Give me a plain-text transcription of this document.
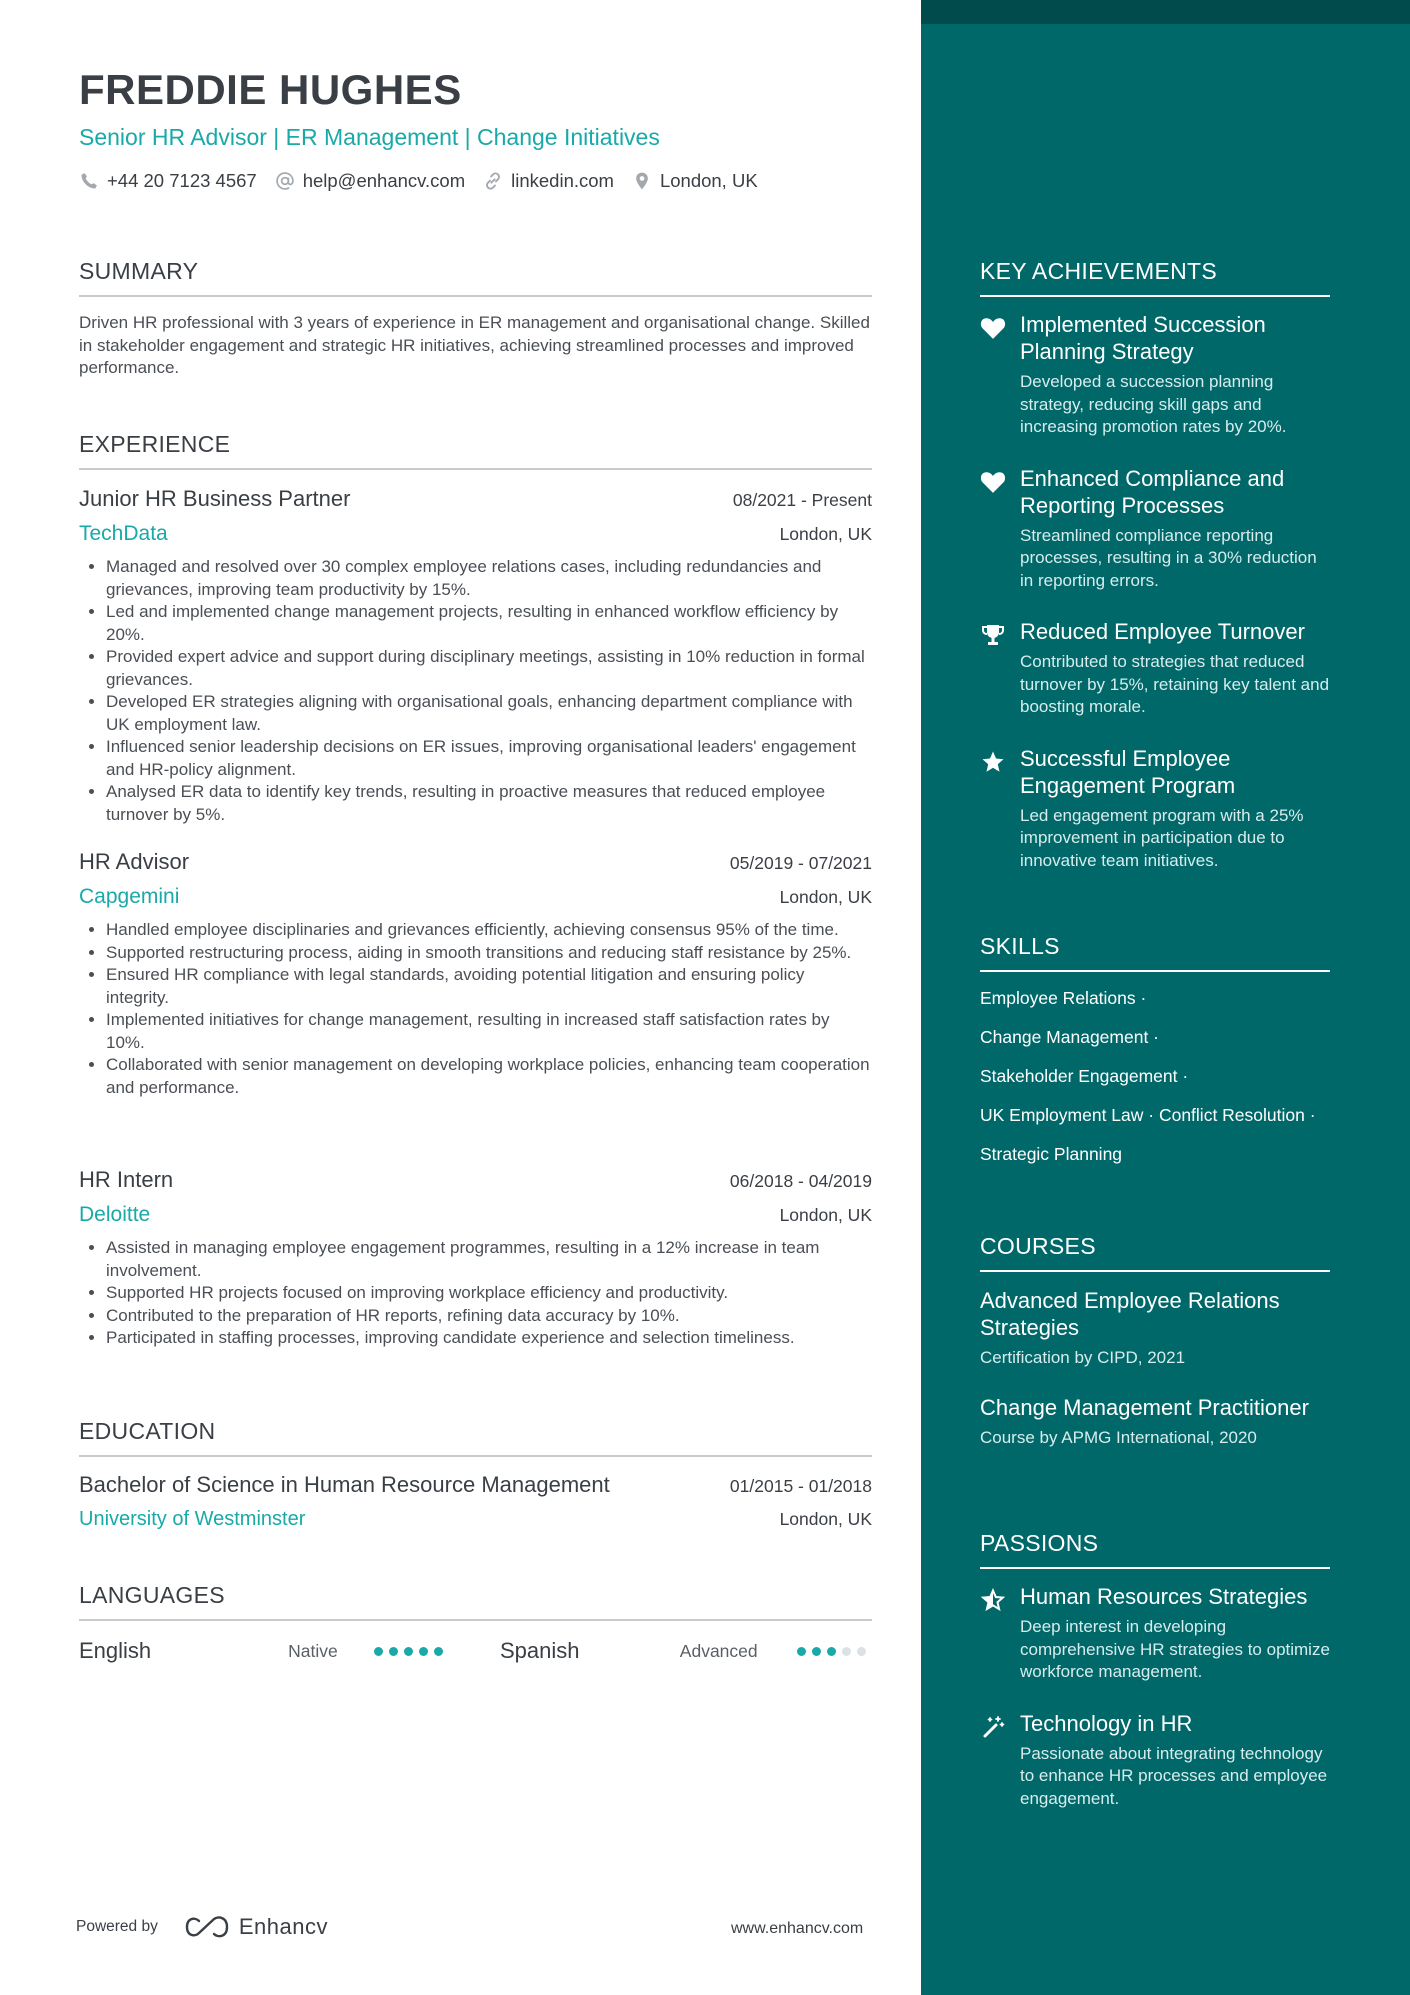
KEY ACHIEVEMENTS
Implemented Succession Planning Strategy
Developed a succession planning strategy, reducing skill gaps and increasing promotion rates by 20%.
Enhanced Compliance and Reporting Processes
Streamlined compliance reporting processes, resulting in a 30% reduction in reporting errors.
Reduced Employee Turnover
Contributed to strategies that reduced turnover by 15%, retaining key talent and boosting morale.
Successful Employee Engagement Program
Led engagement program with a 25% improvement in participation due to innovative team initiatives.
SKILLS
Employee Relations ·
Change Management ·
Stakeholder Engagement ·
UK Employment Law · Conflict Resolution ·
Strategic Planning
COURSES
Advanced Employee Relations Strategies
Certification by CIPD, 2021
Change Management Practitioner
Course by APMG International, 2020
PASSIONS
Human Resources Strategies
Deep interest in developing comprehensive HR strategies to optimize workforce management.
Technology in HR
Passionate about integrating technology to enhance HR processes and employee engagement.
FREDDIE HUGHES
Senior HR Advisor | ER Management | Change Initiatives
+44 20 7123 4567 help@enhancv.com linkedin.com London, UK
SUMMARY
Driven HR professional with 3 years of experience in ER management and organisational change. Skilled in stakeholder engagement and strategic HR initiatives, achieving streamlined processes and improved performance.
EXPERIENCE
Junior HR Business Partner	08/2021 - Present
TechData	London, UK
• Managed and resolved over 30 complex employee relations cases, including redundancies and grievances, improving team productivity by 15%.
• Led and implemented change management projects, resulting in enhanced workflow efficiency by 20%.
• Provided expert advice and support during disciplinary meetings, assisting in 10% reduction in formal grievances.
• Developed ER strategies aligning with organisational goals, enhancing department compliance with UK employment law.
• Influenced senior leadership decisions on ER issues, improving organisational leaders' engagement and HR-policy alignment.
• Analysed ER data to identify key trends, resulting in proactive measures that reduced employee turnover by 5%.
HR Advisor	05/2019 - 07/2021
Capgemini	London, UK
• Handled employee disciplinaries and grievances efficiently, achieving consensus 95% of the time.
• Supported restructuring process, aiding in smooth transitions and reducing staff resistance by 25%.
• Ensured HR compliance with legal standards, avoiding potential litigation and ensuring policy integrity.
• Implemented initiatives for change management, resulting in increased staff satisfaction rates by 10%.
• Collaborated with senior management on developing workplace policies, enhancing team cooperation and performance.
HR Intern	06/2018 - 04/2019
Deloitte	London, UK
• Assisted in managing employee engagement programmes, resulting in a 12% increase in team involvement.
• Supported HR projects focused on improving workplace efficiency and productivity.
• Contributed to the preparation of HR reports, refining data accuracy by 10%.
• Participated in staffing processes, improving candidate experience and selection timeliness.
EDUCATION
Bachelor of Science in Human Resource Management	01/2015 - 01/2018
University of Westminster	London, UK
LANGUAGES
English	Native	Spanish	Advanced
Powered by	Enhancv	www.enhancv.com
